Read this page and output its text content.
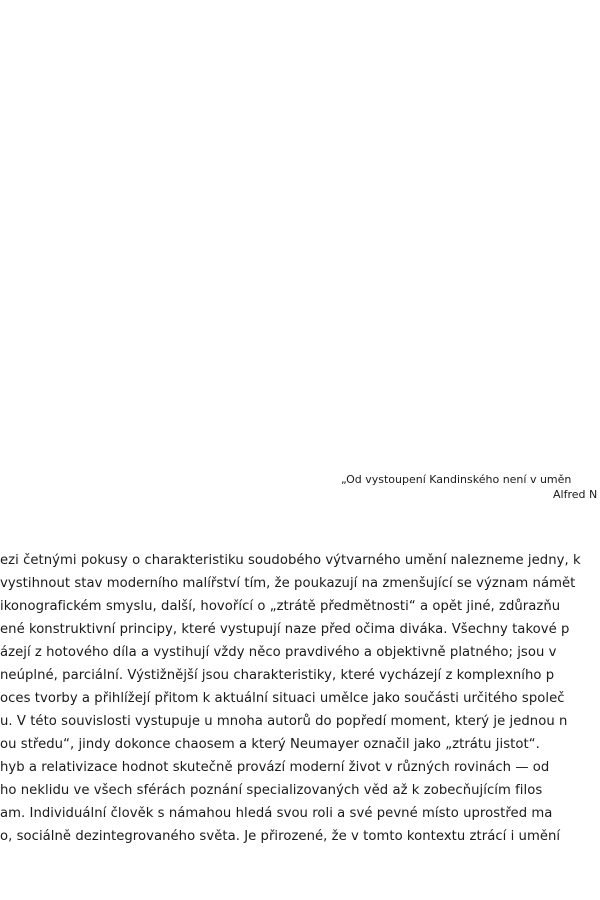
„Od vystoupení Kandinského není v uměn
Alfred N
ezi četnými pokusy o charakteristiku soudobého výtvarného umění nalezneme jedny, k
vystihnout stav moderního malířství tím, že poukazují na zmenšující se význam námět
ikonografickém smyslu, další, hovořící o „ztrátě předmětnosti“ a opět jiné, zdůrazňu
ené konstruktivní principy, které vystupují naze před očima diváka. Všechny takové p
ázejí z hotového díla a vystihují vždy něco pravdivého a objektivně platného; jsou v
neúplné, parciální. Výstižnější jsou charakteristiky, které vycházejí z komplexního p
oces tvorby a přihlížejí přitom k aktuální situaci umělce jako součásti určitého společ
u. V této souvislosti vystupuje u mnoha autorů do popředí moment, který je jednou n
ou středu“, jindy dokonce chaosem a který Neumayer označil jako „ztrátu jistot“.
hyb a relativizace hodnot skutečně provází moderní život v různých rovinách — od
ho neklidu ve všech sférách poznání specializovaných věd až k zobecňujícím filos
am. Individuální člověk s námahou hledá svou roli a své pevné místo uprostřed ma
o, sociálně dezintegrovaného světa. Je přirozené, že v tomto kontextu ztrácí i umění
